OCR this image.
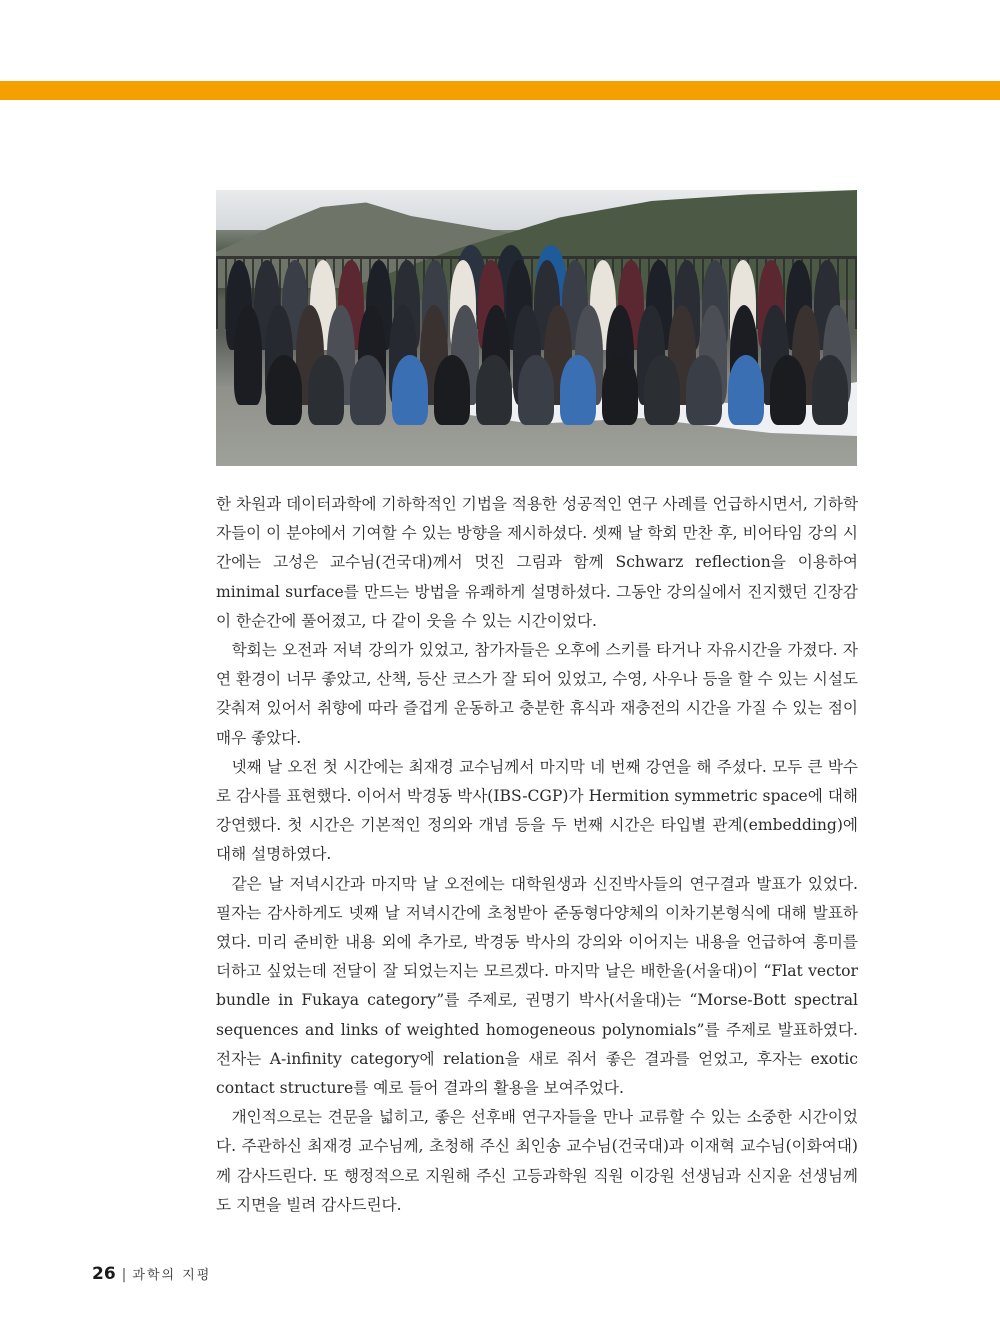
한 차원과 데이터과학에 기하학적인 기법을 적용한 성공적인 연구 사례를 언급하시면서, 기하학자들이 이 분야에서 기여할 수 있는 방향을 제시하셨다. 셋째 날 학회 만찬 후, 비어타임 강의 시간에는 고성은 교수님(건국대)께서 멋진 그림과 함께 Schwarz reflection을 이용하여 minimal surface를 만드는 방법을 유쾌하게 설명하셨다. 그동안 강의실에서 진지했던 긴장감이 한순간에 풀어졌고, 다 같이 웃을 수 있는 시간이었다.

학회는 오전과 저녁 강의가 있었고, 참가자들은 오후에 스키를 타거나 자유시간을 가졌다. 자연 환경이 너무 좋았고, 산책, 등산 코스가 잘 되어 있었고, 수영, 사우나 등을 할 수 있는 시설도 갖춰져 있어서 취향에 따라 즐겁게 운동하고 충분한 휴식과 재충전의 시간을 가질 수 있는 점이 매우 좋았다.

넷째 날 오전 첫 시간에는 최재경 교수님께서 마지막 네 번째 강연을 해 주셨다. 모두 큰 박수로 감사를 표현했다. 이어서 박경동 박사(IBS-CGP)가 Hermition symmetric space에 대해 강연했다. 첫 시간은 기본적인 정의와 개념 등을 두 번째 시간은 타입별 관계(embedding)에 대해 설명하였다.

같은 날 저녁시간과 마지막 날 오전에는 대학원생과 신진박사들의 연구결과 발표가 있었다. 필자는 감사하게도 넷째 날 저녁시간에 초청받아 준동형다양체의 이차기본형식에 대해 발표하였다. 미리 준비한 내용 외에 추가로, 박경동 박사의 강의와 이어지는 내용을 언급하여 흥미를 더하고 싶었는데 전달이 잘 되었는지는 모르겠다. 마지막 날은 배한울(서울대)이 “Flat vector bundle in Fukaya category”를 주제로, 권명기 박사(서울대)는 “Morse-Bott spectral sequences and links of weighted homogeneous polynomials”를 주제로 발표하였다. 전자는 A-infinity category에 relation을 새로 줘서 좋은 결과를 얻었고, 후자는 exotic contact structure를 예로 들어 결과의 활용을 보여주었다.

개인적으로는 견문을 넓히고, 좋은 선후배 연구자들을 만나 교류할 수 있는 소중한 시간이었다. 주관하신 최재경 교수님께, 초청해 주신 최인송 교수님(건국대)과 이재혁 교수님(이화여대)께 감사드린다. 또 행정적으로 지원해 주신 고등과학원 직원 이강원 선생님과 신지윤 선생님께도 지면을 빌려 감사드린다.

26 | 과학의 지평
